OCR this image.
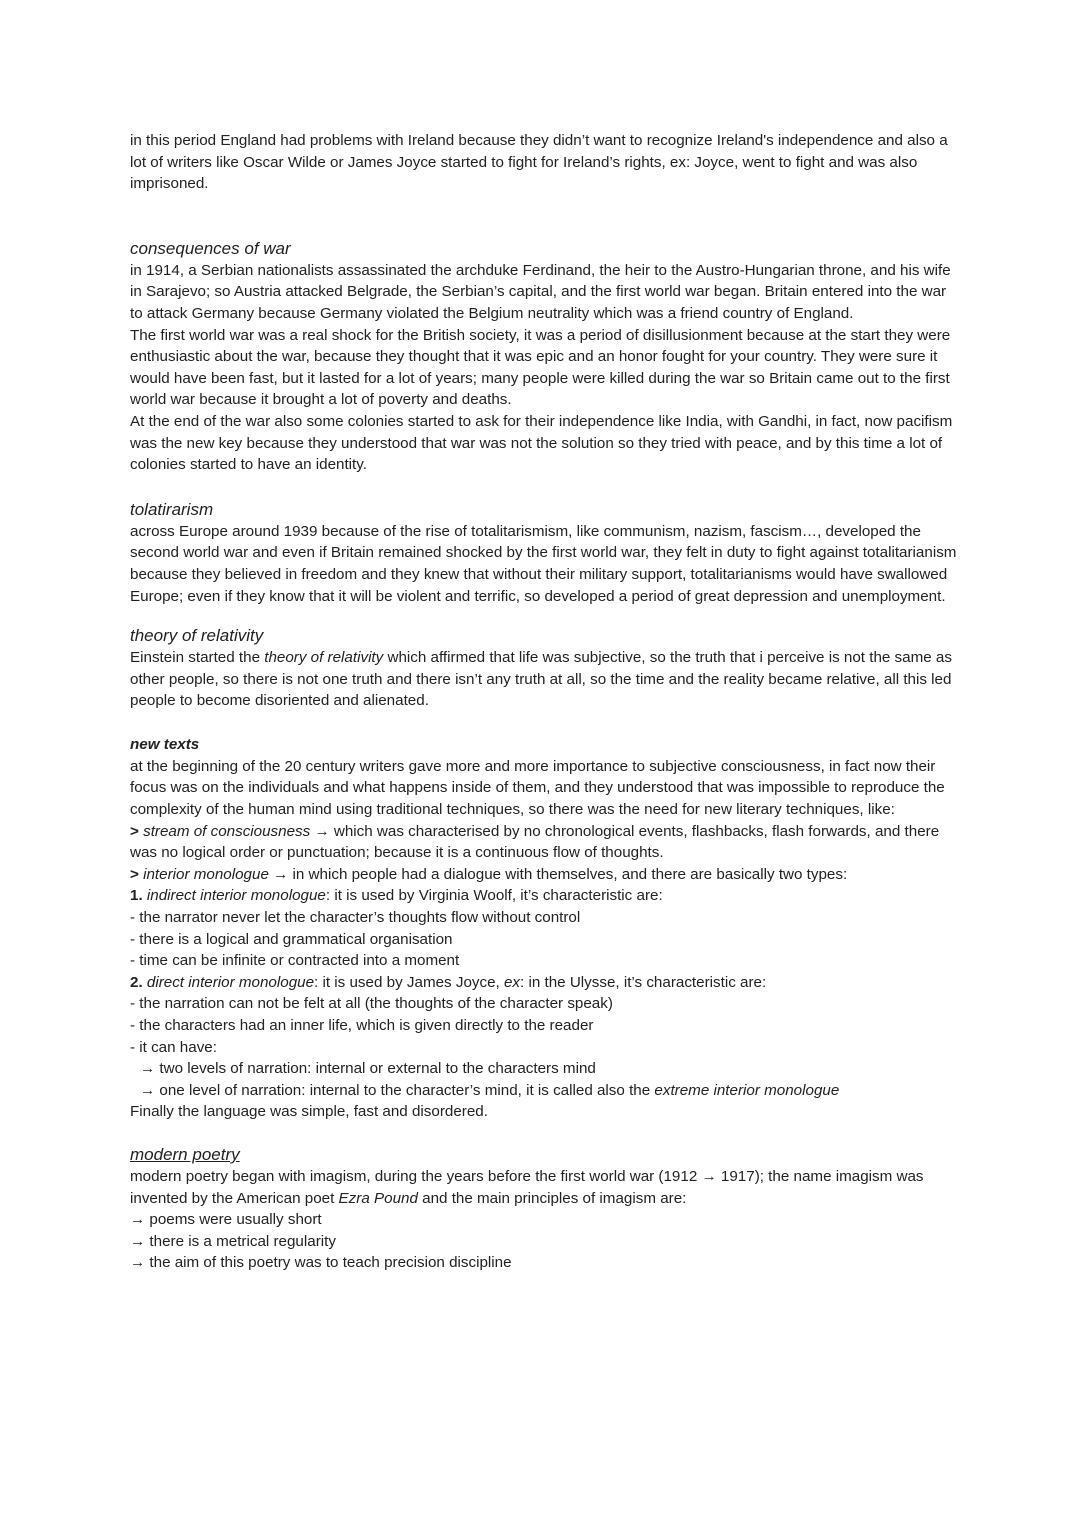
in this period England had problems with Ireland because they didn’t want to recognize Ireland's independence and also a lot of writers like Oscar Wilde or James Joyce started to fight for Ireland’s rights, ex: Joyce, went to fight and was also imprisoned.

consequences of war

in 1914, a Serbian nationalists assassinated the archduke Ferdinand, the heir to the Austro-Hungarian throne, and his wife in Sarajevo; so Austria attacked Belgrade, the Serbian’s capital, and the first world war began. Britain entered into the war to attack Germany because Germany violated the Belgium neutrality which was a friend country of England.

The first world war was a real shock for the British society, it was a period of disillusionment because at the start they were enthusiastic about the war, because they thought that it was epic and an honor fought for your country. They were sure it would have been fast, but it lasted for a lot of years; many people were killed during the war so Britain came out to the first world war because it brought a lot of poverty and deaths.

At the end of the war also some colonies started to ask for their independence like India, with Gandhi, in fact, now pacifism was the new key because they understood that war was not the solution so they tried with peace, and by this time a lot of colonies started to have an identity.

tolatirarism

across Europe around 1939 because of the rise of totalitarismism, like communism, nazism, fascism…, developed the second world war and even if Britain remained shocked by the first world war, they felt in duty to fight against totalitarianism because they believed in freedom and they knew that without their military support, totalitarianisms would have swallowed Europe; even if they know that it will be violent and terrific, so developed a period of great depression and unemployment.

theory of relativity

Einstein started the theory of relativity which affirmed that life was subjective, so the truth that i perceive is not the same as other people, so there is not one truth and there isn’t any truth at all, so the time and the reality became relative, all this led people to become disoriented and alienated.

new texts

at the beginning of the 20 century writers gave more and more importance to subjective consciousness, in fact now their focus was on the individuals and what happens inside of them, and they understood that was impossible to reproduce the complexity of the human mind using traditional techniques, so there was the need for new literary techniques, like:

> stream of consciousness → which was characterised by no chronological events, flashbacks, flash forwards, and there was no logical order or punctuation; because it is a continuous flow of thoughts.

> interior monologue → in which people had a dialogue with themselves, and there are basically two types:

1. indirect interior monologue: it is used by Virginia Woolf, it’s characteristic are:

- the narrator never let the character’s thoughts flow without control

- there is a logical and grammatical organisation

- time can be infinite or contracted into a moment

2. direct interior monologue: it is used by James Joyce, ex: in the Ulysse, it’s characteristic are:

- the narration can not be felt at all (the thoughts of the character speak)

- the characters had an inner life, which is given directly to the reader

- it can have:

→ two levels of narration: internal or external to the characters mind

→ one level of narration: internal to the character’s mind, it is called also the extreme interior monologue

Finally the language was simple, fast and disordered.

modern poetry

modern poetry began with imagism, during the years before the first world war (1912 → 1917); the name imagism was invented by the American poet Ezra Pound and the main principles of imagism are:

→ poems were usually short

→ there is a metrical regularity

→ the aim of this poetry was to teach precision discipline
